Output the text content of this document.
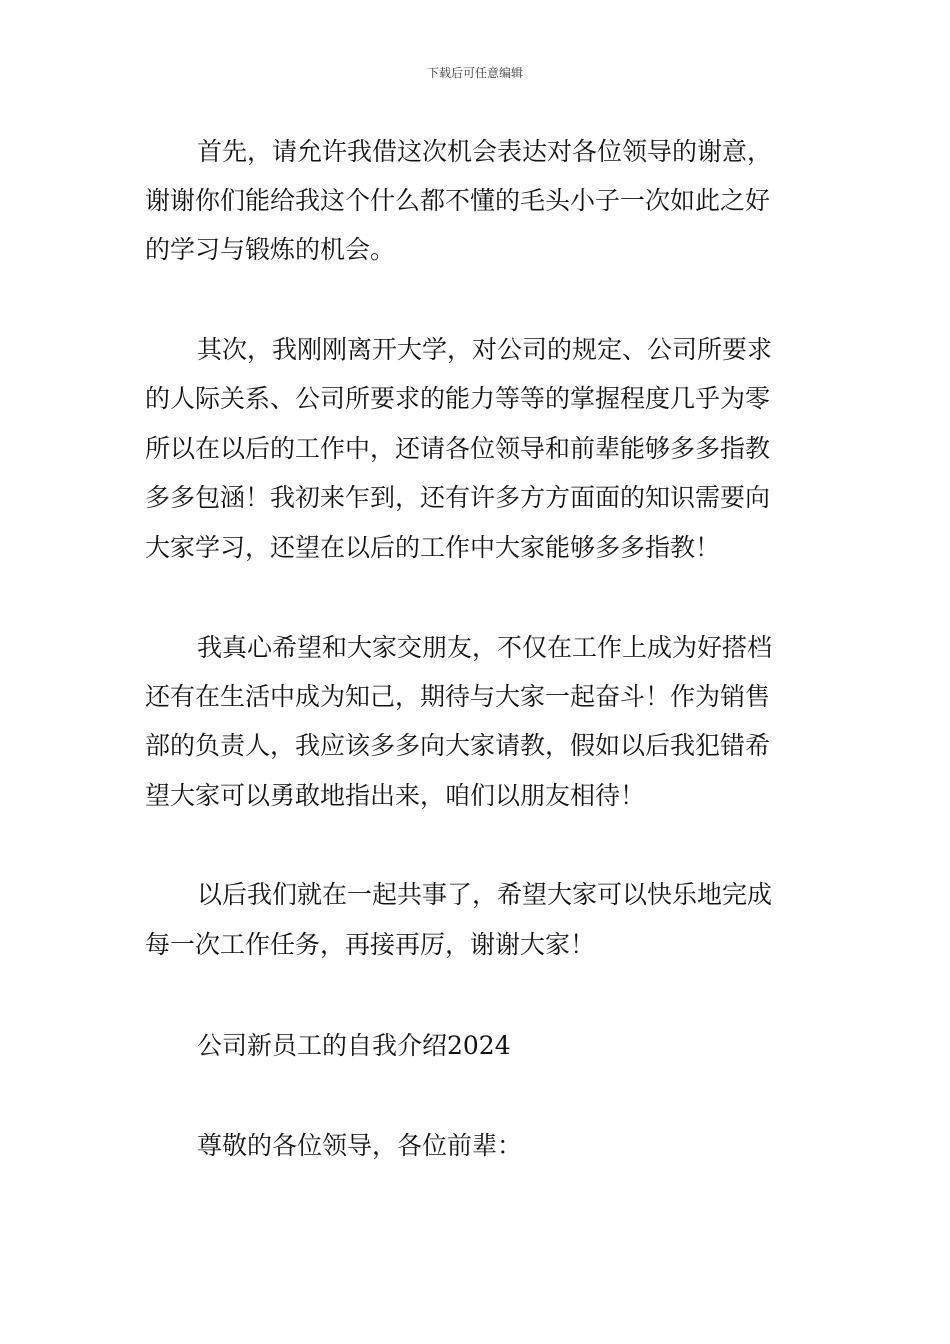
下载后可任意编辑
首先，请允许我借这次机会表达对各位领导的谢意，
谢谢你们能给我这个什么都不懂的毛头小子一次如此之好
的学习与锻炼的机会。
其次，我刚刚离开大学，对公司的规定、公司所要求
的人际关系、公司所要求的能力等等的掌握程度几乎为零
所以在以后的工作中，还请各位领导和前辈能够多多指教
多多包涵！我初来乍到，还有许多方方面面的知识需要向
大家学习，还望在以后的工作中大家能够多多指教！
我真心希望和大家交朋友，不仅在工作上成为好搭档
还有在生活中成为知己，期待与大家一起奋斗！作为销售
部的负责人，我应该多多向大家请教，假如以后我犯错希
望大家可以勇敢地指出来，咱们以朋友相待！
以后我们就在一起共事了，希望大家可以快乐地完成
每一次工作任务，再接再厉，谢谢大家！
公司新员工的自我介绍2024
尊敬的各位领导，各位前辈：
